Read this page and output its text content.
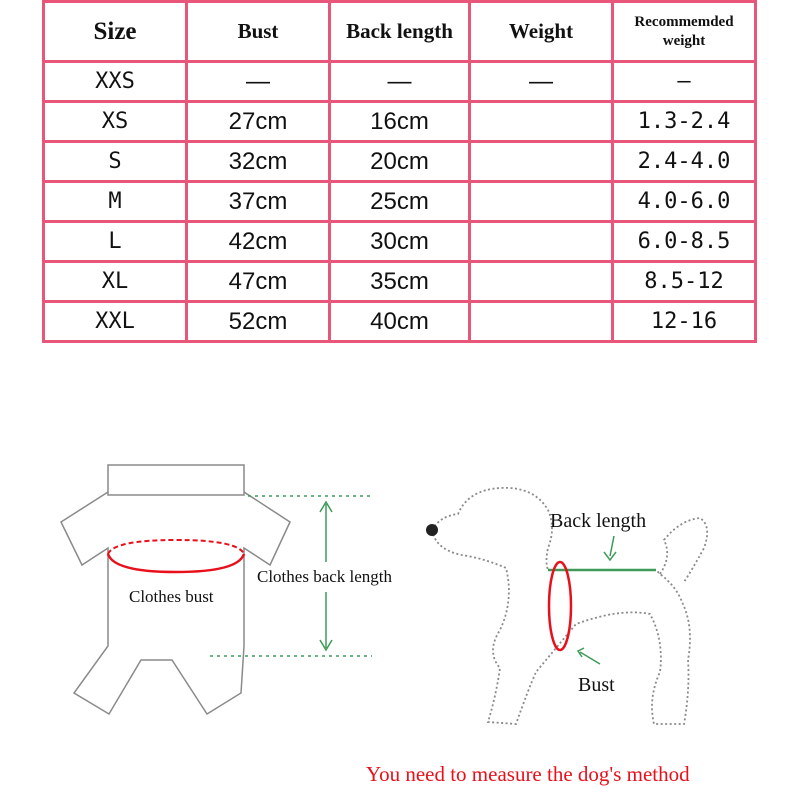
Size	Bust	Back length	Weight	Recommemded
weight
XXS	—	—	—	—
XS	27cm	16cm		1.3-2.4
S	32cm	20cm		2.4-4.0
M	37cm	25cm		4.0-6.0
L	42cm	30cm		6.0-8.5
XL	47cm	35cm		8.5-12
XXL	52cm	40cm		12-16
Clothes bust
Clothes back length
Back length
Bust
You need to measure the dog's method
